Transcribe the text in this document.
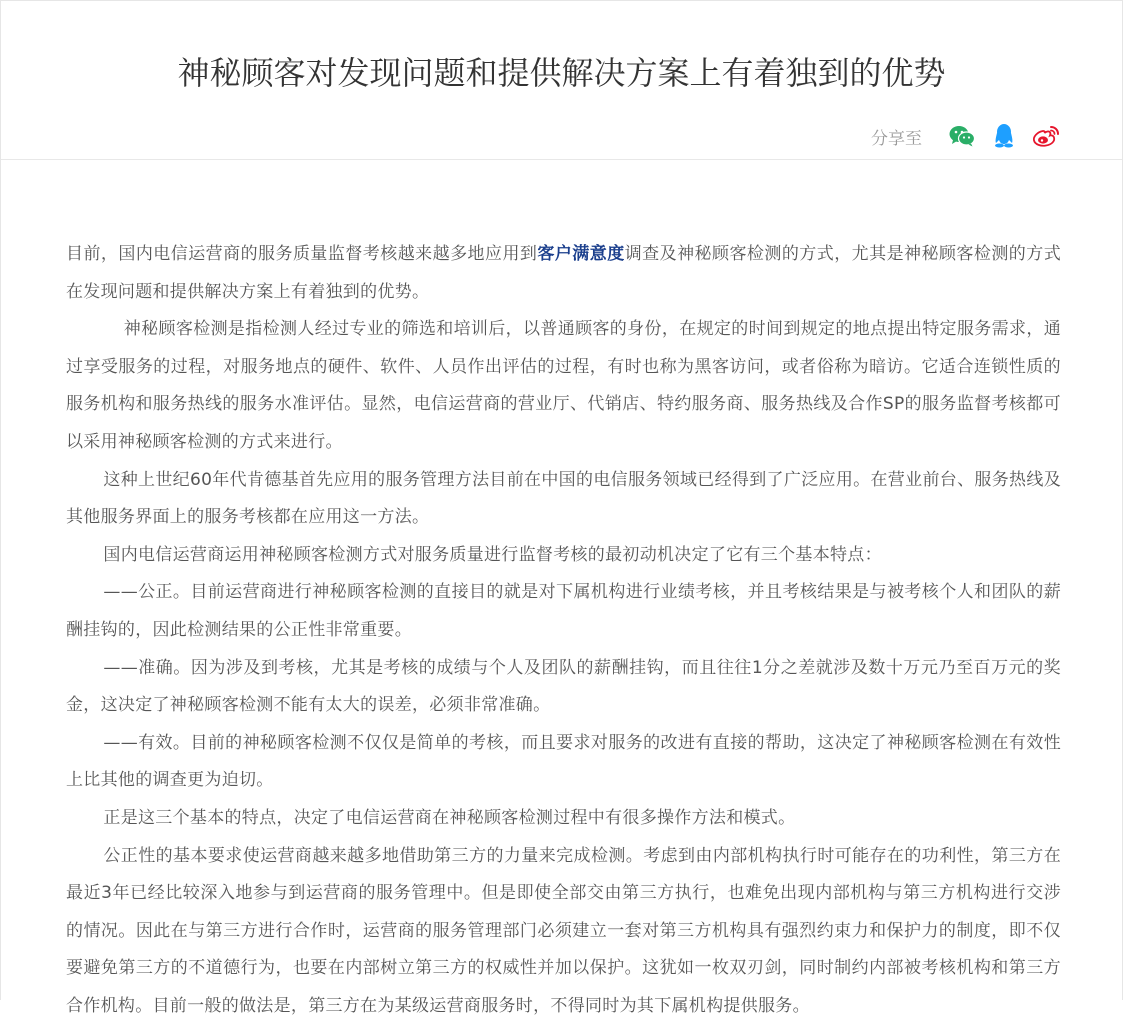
神秘顾客对发现问题和提供解决方案上有着独到的优势
分享至

目前，国内电信运营商的服务质量监督考核越来越多地应用到客户满意度调查及神秘顾客检测的方式，尤其是神秘顾客检测的方式在发现问题和提供解决方案上有着独到的优势。

神秘顾客检测是指检测人经过专业的筛选和培训后，以普通顾客的身份，在规定的时间到规定的地点提出特定服务需求，通过享受服务的过程，对服务地点的硬件、软件、人员作出评估的过程，有时也称为黑客访问，或者俗称为暗访。它适合连锁性质的服务机构和服务热线的服务水准评估。显然，电信运营商的营业厅、代销店、特约服务商、服务热线及合作SP的服务监督考核都可以采用神秘顾客检测的方式来进行。

这种上世纪60年代肯德基首先应用的服务管理方法目前在中国的电信服务领域已经得到了广泛应用。在营业前台、服务热线及其他服务界面上的服务考核都在应用这一方法。

国内电信运营商运用神秘顾客检测方式对服务质量进行监督考核的最初动机决定了它有三个基本特点：

——公正。目前运营商进行神秘顾客检测的直接目的就是对下属机构进行业绩考核，并且考核结果是与被考核个人和团队的薪酬挂钩的，因此检测结果的公正性非常重要。

——准确。因为涉及到考核，尤其是考核的成绩与个人及团队的薪酬挂钩，而且往往1分之差就涉及数十万元乃至百万元的奖金，这决定了神秘顾客检测不能有太大的误差，必须非常准确。

——有效。目前的神秘顾客检测不仅仅是简单的考核，而且要求对服务的改进有直接的帮助，这决定了神秘顾客检测在有效性上比其他的调查更为迫切。

正是这三个基本的特点，决定了电信运营商在神秘顾客检测过程中有很多操作方法和模式。

公正性的基本要求使运营商越来越多地借助第三方的力量来完成检测。考虑到由内部机构执行时可能存在的功利性，第三方在最近3年已经比较深入地参与到运营商的服务管理中。但是即使全部交由第三方执行，也难免出现内部机构与第三方机构进行交涉的情况。因此在与第三方进行合作时，运营商的服务管理部门必须建立一套对第三方机构具有强烈约束力和保护力的制度，即不仅要避免第三方的不道德行为，也要在内部树立第三方的权威性并加以保护。这犹如一枚双刃剑，同时制约内部被考核机构和第三方合作机构。目前一般的做法是，第三方在为某级运营商服务时，不得同时为其下属机构提供服务。
